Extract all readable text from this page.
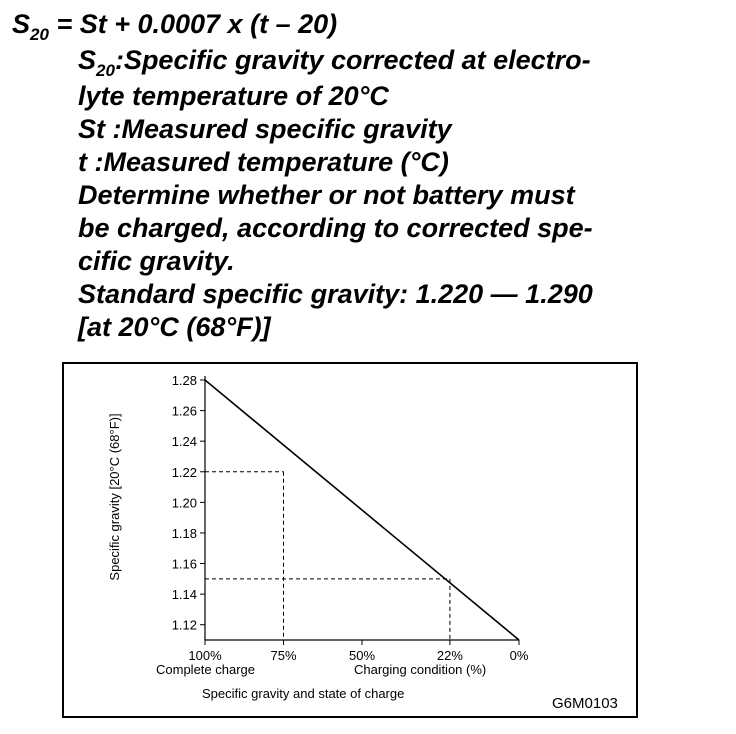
$S_{20} = St + 0.0007$ x (t – 20)
$S_{20}:Specific$ gravity corrected at electro-
lyte temperature of 20°C
St :Measured specific gravity
t :Measured temperature (°C)
Determine whether or not battery must
be charged, according to corrected spe-
cific gravity.
Standard specific gravity: 1.220 — 1.290
[at 20°C (68°F)]
1.28
1.26
1.24
1.22
1.20
1.18
1.16
1.14
1.12
100%	75%	50%	22%	0%
Specific gravity [20°C (68°F)]
Complete charge	Charging condition (%)
Specific gravity and state of charge
G6M0103
